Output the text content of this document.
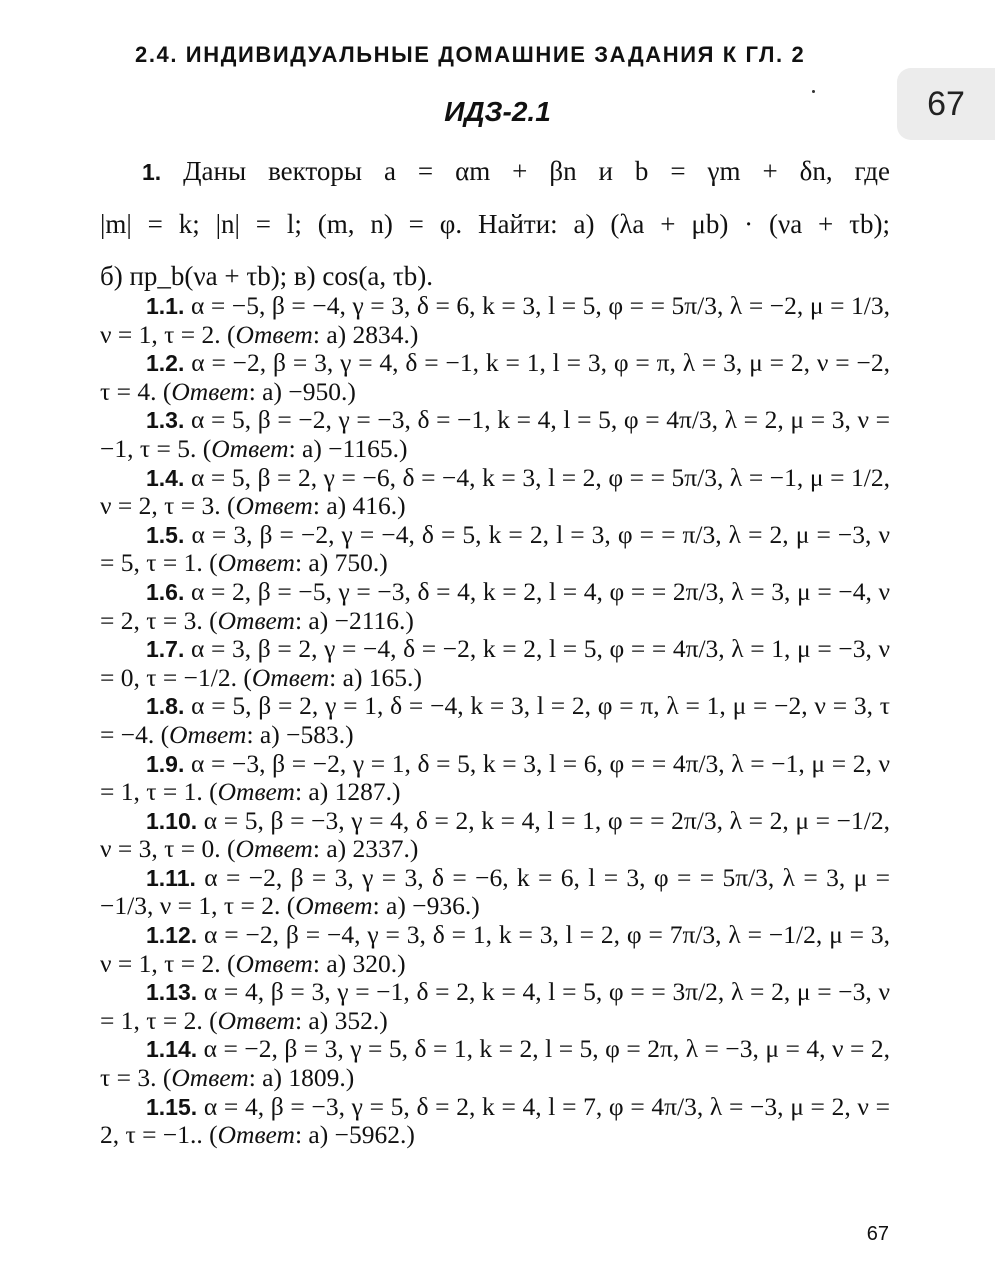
67
2.4. ИНДИВИДУАЛЬНЫЕ ДОМАШНИЕ ЗАДАНИЯ К ГЛ. 2
ИДЗ-2.1

1. Даны векторы a = αm + βn и b = γm + δn, где

|m| = k; |n| = l; (m, n) = φ. Найти: а) (λa + μb) · (νa + τb);

б) пр_b(νa + τb); в) cos(a, τb).

1.1. α = −5, β = −4, γ = 3, δ = 6, k = 3, l = 5, φ = = 5π/3, λ = −2, μ = 1/3, ν = 1, τ = 2. (Ответ: а) 2834.)

1.2. α = −2, β = 3, γ = 4, δ = −1, k = 1, l = 3, φ = π, λ = 3, μ = 2, ν = −2, τ = 4. (Ответ: а) −950.)

1.3. α = 5, β = −2, γ = −3, δ = −1, k = 4, l = 5, φ = 4π/3, λ = 2, μ = 3, ν = −1, τ = 5. (Ответ: а) −1165.)

1.4. α = 5, β = 2, γ = −6, δ = −4, k = 3, l = 2, φ = = 5π/3, λ = −1, μ = 1/2, ν = 2, τ = 3. (Ответ: а) 416.)

1.5. α = 3, β = −2, γ = −4, δ = 5, k = 2, l = 3, φ = = π/3, λ = 2, μ = −3, ν = 5, τ = 1. (Ответ: а) 750.)

1.6. α = 2, β = −5, γ = −3, δ = 4, k = 2, l = 4, φ = = 2π/3, λ = 3, μ = −4, ν = 2, τ = 3. (Ответ: а) −2116.)

1.7. α = 3, β = 2, γ = −4, δ = −2, k = 2, l = 5, φ = = 4π/3, λ = 1, μ = −3, ν = 0, τ = −1/2. (Ответ: а) 165.)

1.8. α = 5, β = 2, γ = 1, δ = −4, k = 3, l = 2, φ = π, λ = 1, μ = −2, ν = 3, τ = −4. (Ответ: а) −583.)

1.9. α = −3, β = −2, γ = 1, δ = 5, k = 3, l = 6, φ = = 4π/3, λ = −1, μ = 2, ν = 1, τ = 1. (Ответ: а) 1287.)

1.10. α = 5, β = −3, γ = 4, δ = 2, k = 4, l = 1, φ = = 2π/3, λ = 2, μ = −1/2, ν = 3, τ = 0. (Ответ: а) 2337.)

1.11. α = −2, β = 3, γ = 3, δ = −6, k = 6, l = 3, φ = = 5π/3, λ = 3, μ = −1/3, ν = 1, τ = 2. (Ответ: а) −936.)

1.12. α = −2, β = −4, γ = 3, δ = 1, k = 3, l = 2, φ = 7π/3, λ = −1/2, μ = 3, ν = 1, τ = 2. (Ответ: а) 320.)

1.13. α = 4, β = 3, γ = −1, δ = 2, k = 4, l = 5, φ = = 3π/2, λ = 2, μ = −3, ν = 1, τ = 2. (Ответ: а) 352.)

1.14. α = −2, β = 3, γ = 5, δ = 1, k = 2, l = 5, φ = 2π, λ = −3, μ = 4, ν = 2, τ = 3. (Ответ: а) 1809.)

1.15. α = 4, β = −3, γ = 5, δ = 2, k = 4, l = 7, φ = 4π/3, λ = −3, μ = 2, ν = 2, τ = −1.. (Ответ: а) −5962.)

67
